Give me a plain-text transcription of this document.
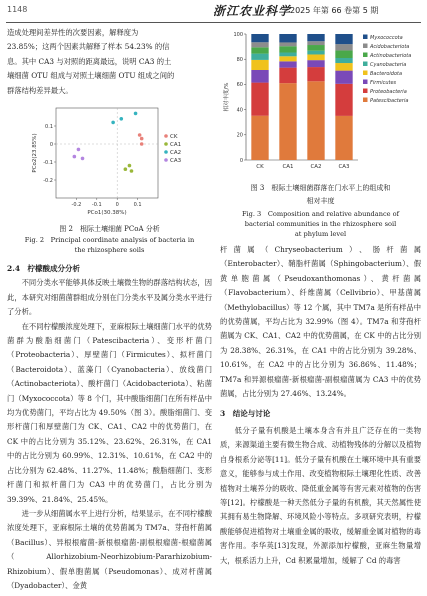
1148	浙江农业科学
2025 年第 66 卷第 5 期

造成处理间差异性的次要因素，解释度为

23.85%；这两个因素共解释了样本 54.23% 的信

息。其中 CA3 与对照的距离最远，说明 CA3 的土

壤细菌 OTU 组成与对照土壤细菌 OTU 组成之间的

群落结构差异最大。

-0.2 -0.1	0	0.1
-0.2
-0.1
0
0.1
PCo1(30.38%)
PCo2(23.85%)	CK
CA1
CA2
CA3
图 2　根际土壤细菌 PCoA 分析
Fig. 2　Principal coordinate analysis of bacteria in
the rhizosphere soils
0
20
40
60
80
100
相对丰度/%
CK	CA1	CA2	CA3
Myxococcota
Acidobacteriota
Actinobacteriota
Cyanobacteria
Bacteroidota
Firmicutes
Proteobacteria
Patescibacteria
图 3　根际土壤细菌群落在门水平上的组成和
相对丰度
Fig. 3　Composition and relative abundance of
bacterial communities in the rhizosphere soil
at phylum level

2.4　柠檬酸成分分析

不同分类水平能够具体反映土壤微生物的群落结构状态，因此，本研究对细菌菌群组成分别在门分类水平及属分类水平进行了分析。

在不同柠檬酸浓度处理下，亚麻根际土壤细菌门水平的优势菌群为酸脂细菌门（Patescibacteria）、变形杆菌门（Proteobacteria）、厚壁菌门（Firmicutes）、拟杆菌门（Bacteroidota）、蓝藻门（Cyanobacteria）、放线菌门（Actinobacteriota）、酸杆菌门（Acidobacteriota）、粘菌门（Myxococcota）等 8 个门，其中酸脂细菌门在所有样品中均为优势菌门，平均占比为 49.50%（图 3）。酸脂细菌门、变形杆菌门和厚壁菌门为 CK、CA1、CA2 中的优势菌门，在 CK 中的占比分别为 35.12%、23.62%、26.31%，在 CA1 中的占比分别为 60.99%、12.31%、10.61%，在 CA2 中的占比分别为 62.48%、11.27%、11.48%；酸脂细菌门、变形杆菌门和拟杆菌门为 CA3 中的优势菌门，占比分别为 39.39%、21.84%、25.45%。

进一步从细菌属水平上进行分析，结果显示，在不同柠檬酸浓度处理下，亚麻根际土壤的优势菌属为 TM7a、芽孢杆菌属（Bacillus）、异根根瘤菌-新根根瘤菌-副根根瘤菌-根瘤菌属（Allorhizobium-Neorhizobium-Pararhizobium-Rhizobium）、假单胞菌属（Pseudomonas）、成对杆菌属（Dyadobacter）、金黄

杆菌属（Chryseobacterium）、肠杆菌属（Enterobacter）、鞘脂杆菌属（Sphingobacterium）、假黄单胞菌属（Pseudoxanthomonas）、黄杆菌属（Flavobacterium）、纤维菌属（Cellvibrio）、甲基菌属（Methylobacillus）等 12 个属，其中 TM7a 是所有样品中的优势菌属，平均占比为 32.99%（图 4）。TM7a 和芽孢杆菌属为 CK、CA1、CA2 中的优势菌属，在 CK 中的占比分别为 28.38%、26.31%，在 CA1 中的占比分别为 39.28%、10.61%，在 CA2 中的占比分别为 36.86%、11.48%；TM7a 和异源根瘤菌-新根瘤菌-副根瘤菌属为 CA3 中的优势菌属，占比分别为 27.46%、13.24%。

3　结论与讨论

低分子量有机酸是土壤本身含有并且广泛存在的一类物质，来源渠道主要有微生物合成、动植物残体的分解以及植物自身根系分泌等[11]。低分子量有机酸在土壤环境中具有重要意义，能够参与成土作用、改变植物根际土壤理化性质、改善植物对土壤养分的吸收、降低重金属等有害元素对植物的伤害等[12]。柠檬酸是一种天然低分子量的有机酸，其天然属性使其拥有易生物降解、环境风险小等特点。多项研究表明，柠檬酸能够促进植物对土壤重金属的吸收，缓解重金属对植物的毒害作用。李华英[13]发现，外源添加柠檬酸，亚麻生物量增大，根系活力上升，Cd 积累量增加，缓解了 Cd 的毒害
